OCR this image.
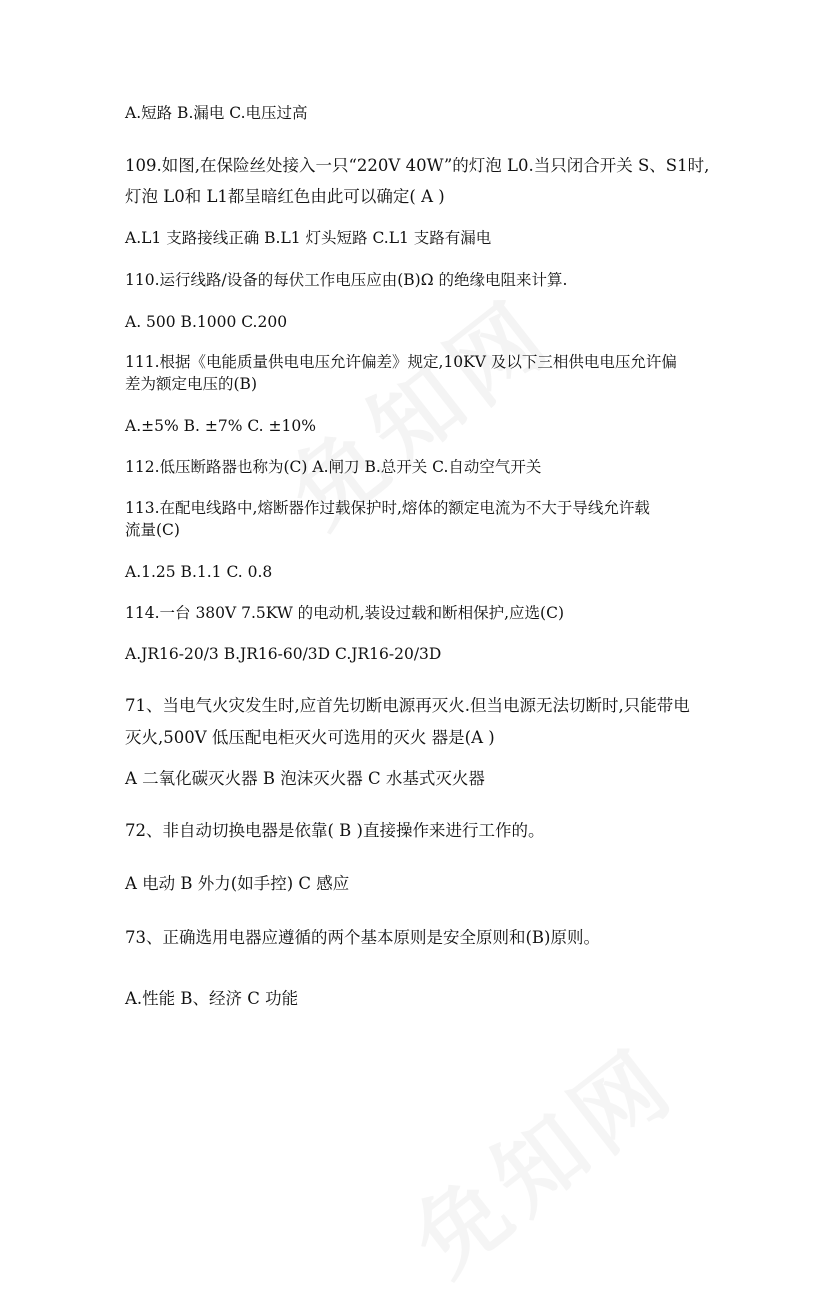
A.短路 B.漏电 C.电压过高
109.如图,在保险丝处接入一只“220V 40W”的灯泡 L0.当只闭合开关 S、S1时,
灯泡 L0和 L1都呈暗红色由此可以确定( A )
A.L1 支路接线正确 B.L1 灯头短路 C.L1 支路有漏电
110.运行线路/设备的每伏工作电压应由(B)Ω 的绝缘电阻来计算.
A. 500 B.1000 C.200
111.根据《电能质量供电电压允许偏差》规定,10KV 及以下三相供电电压允许偏
差为额定电压的(B)
A.±5% B. ±7% C. ±10%
112.低压断路器也称为(C) A.闸刀 B.总开关 C.自动空气开关
113.在配电线路中,熔断器作过载保护时,熔体的额定电流为不大于导线允许载
流量(C)
A.1.25 B.1.1 C. 0.8
114.一台 380V 7.5KW 的电动机,装设过载和断相保护,应选(C)
A.JR16-20/3 B.JR16-60/3D C.JR16-20/3D
71、当电气火灾发生时,应首先切断电源再灭火.但当电源无法切断时,只能带电
灭火,500V 低压配电柜灭火可选用的灭火 器是(A )
A 二氧化碳灭火器 B 泡沫灭火器 C 水基式灭火器
72、非自动切换电器是依靠( B )直接操作来进行工作的。
A 电动 B 外力(如手控) C 感应
73、正确选用电器应遵循的两个基本原则是安全原则和(B)原则。
A.性能 B、经济 C 功能
